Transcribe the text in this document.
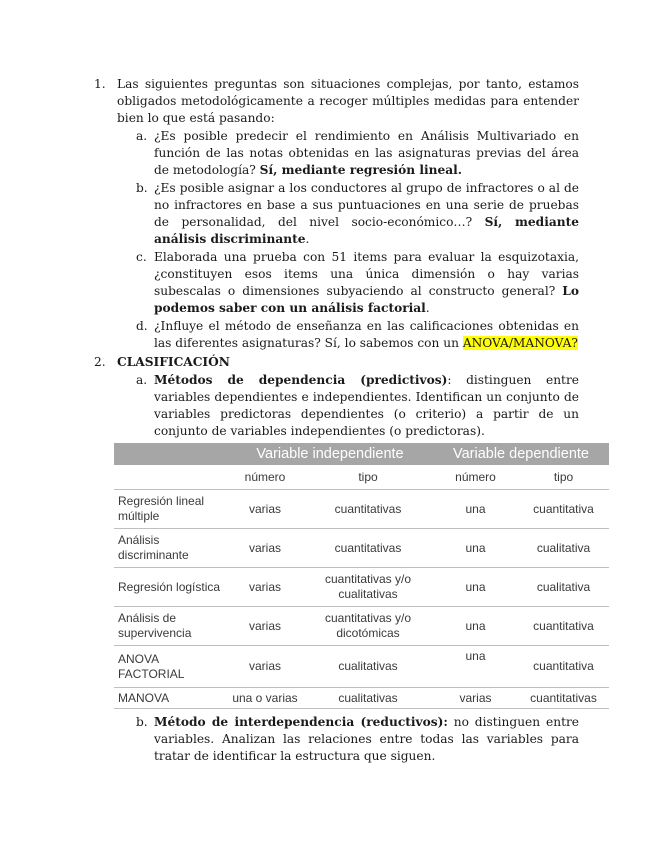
1. Las siguientes preguntas son situaciones complejas, por tanto, estamos obligados metodológicamente a recoger múltiples medidas para entender bien lo que está pasando:

a. ¿Es posible predecir el rendimiento en Análisis Multivariado en función de las notas obtenidas en las asignaturas previas del área de metodología? Sí, mediante regresión lineal.

b. ¿Es posible asignar a los conductores al grupo de infractores o al de no infractores en base a sus puntuaciones en una serie de pruebas de personalidad, del nivel socio-económico…? Sí, mediante análisis discriminante.

c. Elaborada una prueba con 51 items para evaluar la esquizotaxia, ¿constituyen esos items una única dimensión o hay varias subescalas o dimensiones subyaciendo al constructo general? Lo podemos saber con un análisis factorial.

d. ¿Influye el método de enseñanza en las calificaciones obtenidas en las diferentes asignaturas? Sí, lo sabemos con un ANOVA/MANOVA?

2. CLASIFICACIÓN

a. Métodos de dependencia (predictivos): distinguen entre variables dependientes e independientes. Identifican un conjunto de variables predictoras dependientes (o criterio) a partir de un conjunto de variables independientes (o predictoras).

	Variable independiente		Variable dependiente	
	número	tipo	número	tipo
Regresión lineal múltiple	varias	cuantitativas	una	cuantitativa
Análisis discriminante	varias	cuantitativas	una	cualitativa
Regresión logística	varias	cuantitativas y/o cualitativas	una	cualitativa
Análisis de supervivencia	varias	cuantitativas y/o dicotómicas	una	cuantitativa
ANOVA FACTORIAL	varias	cualitativas	una	cuantitativa
MANOVA	una o varias	cualitativas	varias	cuantitativas
b. Método de interdependencia (reductivos): no distinguen entre variables. Analizan las relaciones entre todas las variables para tratar de identificar la estructura que siguen.
